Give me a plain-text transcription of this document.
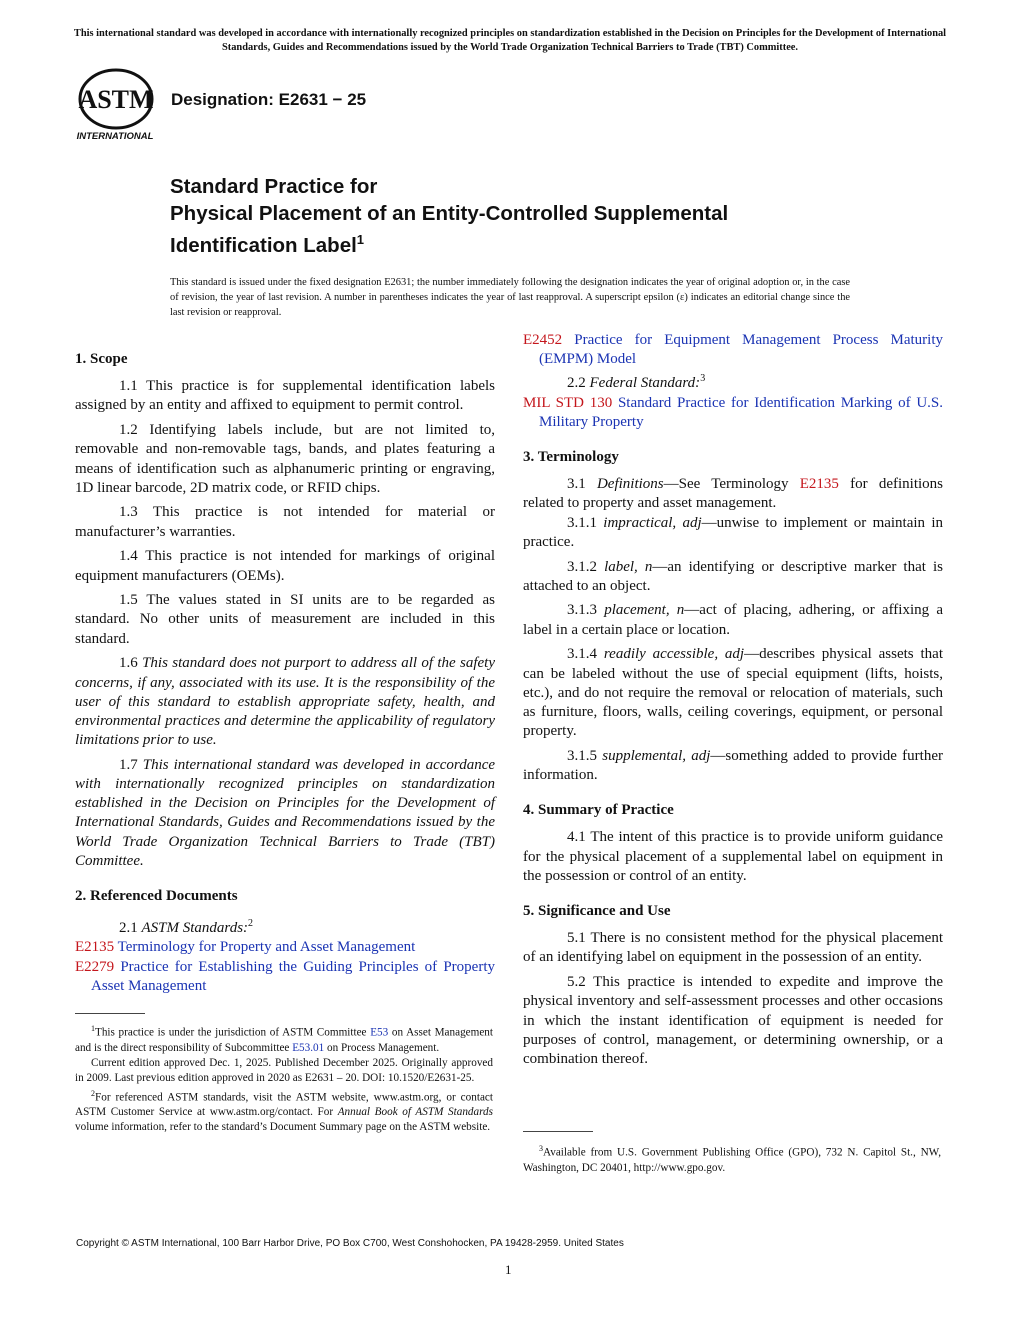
This international standard was developed in accordance with internationally recognized principles on standardization established in the Decision on Principles for the Development of International Standards, Guides and Recommendations issued by the World Trade Organization Technical Barriers to Trade (TBT) Committee.
ASTM
INTERNATIONAL
Designation: E2631 − 25
Standard Practice for
Physical Placement of an Entity-Controlled Supplemental
Identification Label$^1$
This standard is issued under the fixed designation E2631; the number immediately following the designation indicates the year of original adoption or, in the case of revision, the year of last revision. A number in parentheses indicates the year of last reapproval. A superscript epsilon (ε) indicates an editorial change since the last revision or reapproval.
1. Scope

1.1 This practice is for supplemental identification labels assigned by an entity and affixed to equipment to permit control.

1.2 Identifying labels include, but are not limited to, removable and non-removable tags, bands, and plates featuring a means of identification such as alphanumeric printing or engraving, 1D linear barcode, 2D matrix code, or RFID chips.

1.3 This practice is not intended for material or manufacturer’s warranties.

1.4 This practice is not intended for markings of original equipment manufacturers (OEMs).

1.5 The values stated in SI units are to be regarded as standard. No other units of measurement are included in this standard.

1.6 This standard does not purport to address all of the safety concerns, if any, associated with its use. It is the responsibility of the user of this standard to establish appropriate safety, health, and environmental practices and determine the applicability of regulatory limitations prior to use.

1.7 This international standard was developed in accordance with internationally recognized principles on standardization established in the Decision on Principles for the Development of International Standards, Guides and Recommendations issued by the World Trade Organization Technical Barriers to Trade (TBT) Committee.

2. Referenced Documents

2.1 ASTM Standards:$^2$

E2135 Terminology for Property and Asset Management
E2279 Practice for Establishing the Guiding Principles of Property Asset Management
E2452 Practice for Equipment Management Process Maturity (EMPM) Model

2.2 Federal Standard:$^3$

MIL STD 130 Standard Practice for Identification Marking of U.S. Military Property
3. Terminology

3.1 Definitions—See Terminology E2135 for definitions related to property and asset management.

3.1.1 impractical, adj—unwise to implement or maintain in practice.

3.1.2 label, n—an identifying or descriptive marker that is attached to an object.

3.1.3 placement, n—act of placing, adhering, or affixing a label in a certain place or location.

3.1.4 readily accessible, adj—describes physical assets that can be labeled without the use of special equipment (lifts, hoists, etc.), and do not require the removal or relocation of materials, such as furniture, floors, walls, ceiling coverings, equipment, or personal property.

3.1.5 supplemental, adj—something added to provide further information.

4. Summary of Practice

4.1 The intent of this practice is to provide uniform guidance for the physical placement of a supplemental label on equipment in the possession or control of an entity.

5. Significance and Use

5.1 There is no consistent method for the physical placement of an identifying label on equipment in the possession of an entity.

5.2 This practice is intended to expedite and improve the physical inventory and self-assessment processes and other occasions in which the instant identification of equipment is needed for purposes of control, management, or determining ownership, or a combination thereof.

$^1$This practice is under the jurisdiction of ASTM Committee E53 on Asset Management and is the direct responsibility of Subcommittee E53.01 on Process Management.

Current edition approved Dec. 1, 2025. Published December 2025. Originally approved in 2009. Last previous edition approved in 2020 as E2631 – 20. DOI: 10.1520/E2631-25.

$^2$For referenced ASTM standards, visit the ASTM website, www.astm.org, or contact ASTM Customer Service at www.astm.org/contact. For Annual Book of ASTM Standards volume information, refer to the standard’s Document Summary page on the ASTM website.

$^3$Available from U.S. Government Publishing Office (GPO), 732 N. Capitol St., NW, Washington, DC 20401, http://www.gpo.gov.

Copyright © ASTM International, 100 Barr Harbor Drive, PO Box C700, West Conshohocken, PA 19428-2959. United States
1
